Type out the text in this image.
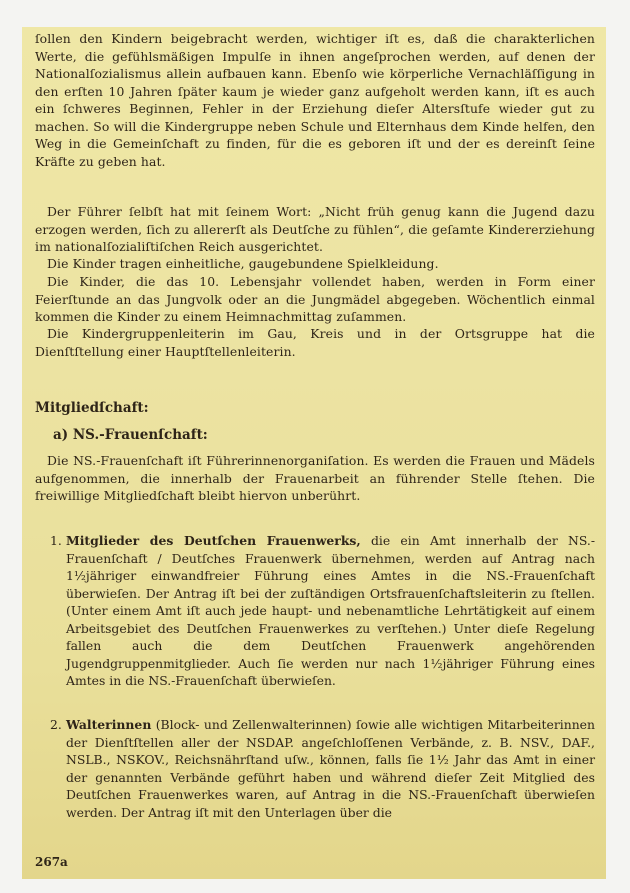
ſollen den Kindern beigebracht werden, wichtiger iſt es, daß die charakterlichen Werte, die gefühlsmäßigen Impulſe in ihnen angeſprochen werden, auf denen der Nationalſozialismus allein aufbauen kann. Ebenſo wie körperliche Vernachläſſigung in den erſten 10 Jahren ſpäter kaum je wieder ganz aufgeholt werden kann, iſt es auch ein ſchweres Beginnen, Fehler in der Erziehung dieſer Altersſtufe wieder gut zu machen. So will die Kindergruppe neben Schule und Elternhaus dem Kinde helfen, den Weg in die Gemeinſchaft zu finden, für die es geboren iſt und der es dereinſt ſeine Kräfte zu geben hat.

Der Führer ſelbſt hat mit ſeinem Wort: „Nicht früh genug kann die Jugend dazu erzogen werden, ſich zu allererſt als Deutſche zu fühlen“, die geſamte Kindererziehung im nationalſozialiſtiſchen Reich ausgerichtet.

Die Kinder tragen einheitliche, gaugebundene Spielkleidung.

Die Kinder, die das 10. Lebensjahr vollendet haben, werden in Form einer Feierſtunde an das Jungvolk oder an die Jungmädel abgegeben. Wöchentlich einmal kommen die Kinder zu einem Heimnachmittag zuſammen.

Die Kindergruppenleiterin im Gau, Kreis und in der Ortsgruppe hat die Dienſtſtellung einer Hauptſtellenleiterin.

Mitgliedſchaft:

a) NS.-Frauenſchaft:

Die NS.-Frauenſchaft iſt Führerinnenorganiſation. Es werden die Frauen und Mädels aufgenommen, die innerhalb der Frauenarbeit an führender Stelle ſtehen. Die freiwillige Mitgliedſchaft bleibt hiervon unberührt.

1. Mitglieder des Deutſchen Frauenwerks, die ein Amt innerhalb der NS.-Frauenſchaft / Deutſches Frauenwerk übernehmen, werden auf Antrag nach 1½jähriger einwandfreier Führung eines Amtes in die NS.-Frauenſchaft überwieſen. Der Antrag iſt bei der zuſtändigen Ortsfrauenſchaftsleiterin zu ſtellen. (Unter einem Amt iſt auch jede haupt- und nebenamtliche Lehrtätigkeit auf einem Arbeitsgebiet des Deutſchen Frauenwerkes zu verſtehen.) Unter dieſe Regelung fallen auch die dem Deutſchen Frauenwerk angehörenden Jugendgruppenmitglieder. Auch ſie werden nur nach 1½jähriger Führung eines Amtes in die NS.-Frauenſchaft überwieſen.
2. Walterinnen (Block- und Zellenwalterinnen) ſowie alle wichtigen Mitarbeiterinnen der Dienſtſtellen aller der NSDAP. angeſchloſſenen Verbände, z. B. NSV., DAF., NSLB., NSKOV., Reichsnährſtand uſw., können, falls ſie 1½ Jahr das Amt in einer der genannten Verbände geführt haben und während dieſer Zeit Mitglied des Deutſchen Frauenwerkes waren, auf Antrag in die NS.-Frauenſchaft überwieſen werden. Der Antrag iſt mit den Unterlagen über die
267a
